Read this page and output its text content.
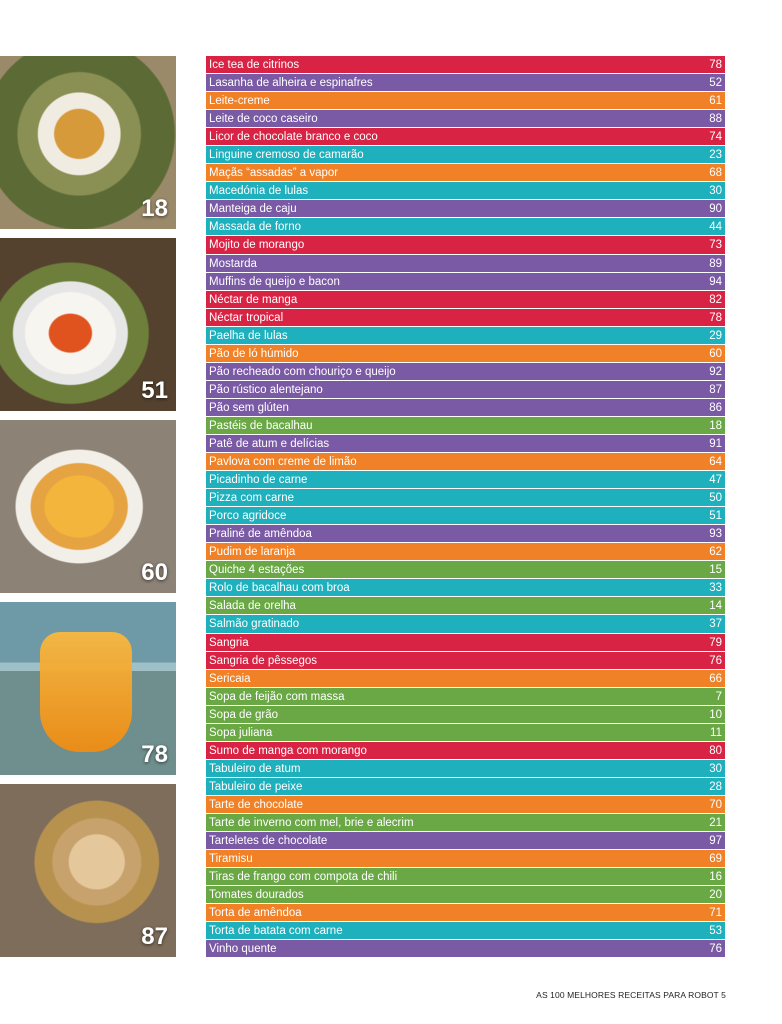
18
51
60
78
87
Ice tea de citrinos	78
Lasanha de alheira e espinafres	52
Leite-creme	61
Leite de coco caseiro	88
Licor de chocolate branco e coco	74
Linguine cremoso de camarão	23
Maçãs “assadas” a vapor	68
Macedónia de lulas	30
Manteiga de caju	90
Massada de forno	44
Mojito de morango	73
Mostarda	89
Muffins de queijo e bacon	94
Néctar de manga	82
Néctar tropical	78
Paelha de lulas	29
Pão de ló húmido	60
Pão recheado com chouriço e queijo	92
Pão rústico alentejano	87
Pão sem glúten	86
Pastéis de bacalhau	18
Patê de atum e delícias	91
Pavlova com creme de limão	64
Picadinho de carne	47
Pizza com carne	50
Porco agridoce	51
Praliné de amêndoa	93
Pudim de laranja	62
Quiche 4 estações	15
Rolo de bacalhau com broa	33
Salada de orelha	14
Salmão gratinado	37
Sangria	79
Sangria de pêssegos	76
Sericaia	66
Sopa de feijão com massa	7
Sopa de grão	10
Sopa juliana	11
Sumo de manga com morango	80
Tabuleiro de atum	30
Tabuleiro de peixe	28
Tarte de chocolate	70
Tarte de inverno com mel, brie e alecrim	21
Tarteletes de chocolate	97
Tiramisu	69
Tiras de frango com compota de chili	16
Tomates dourados	20
Torta de amêndoa	71
Torta de batata com carne	53
Vinho quente	76
AS 100 MELHORES RECEITAS PARA ROBOT 5
